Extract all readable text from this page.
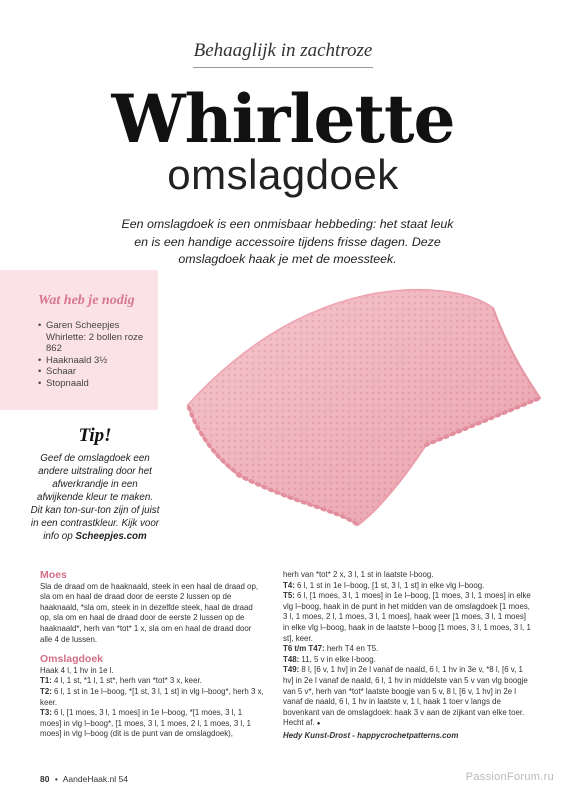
Behaaglijk in zachtroze
Whirlette
omslagdoek
Een omslagdoek is een onmisbaar hebbeding: het staat leuk en is een handige accessoire tijdens frisse dagen. Deze omslagdoek haak je met de moessteek.
Wat heb je nodig
• Garen Scheepjes Whirlette: 2 bollen roze 862
• Haaknaald 3½
• Schaar
• Stopnaald
Tip!
Geef de omslagdoek een andere uitstraling door het afwerkrandje in een afwijkende kleur te maken. Dit kan ton-sur-ton zijn of juist in een contrastkleur. Kijk voor info op Scheepjes.com
Moes

Sla de draad om de haaknaald, steek in een haal de draad op, sla om en haal de draad door de eerste 2 lussen op de haaknaald, *sla om, steek in in dezelfde steek, haal de draad op, sla om en haal de draad door de eerste 2 lussen op de haaknaald*, herh van *tot* 1 x, sla om en haal de draad door alle 4 de lussen.

Omslagdoek

Haak 4 l, 1 hv in 1e l.

T1: 4 l, 1 st, *1 l, 1 st*, herh van *tot* 3 x, keer.

T2: 6 l, 1 st in 1e l–boog, *[1 st, 3 l, 1 st] in vlg l–boog*, herh 3 x, keer.

T3: 6 l, [1 moes, 3 l, 1 moes] in 1e l–boog, *[1 moes, 3 l, 1 moes] in vlg l–boog*, [1 moes, 3 l, 1 moes, 2 l, 1 moes, 3 l, 1 moes] in vlg l–boog (dit is de punt van de omslagdoek),

herh van *tot* 2 x, 3 l, 1 st in laatste l-boog.

T4: 6 l, 1 st in 1e l–boog, [1 st, 3 l, 1 st] in elke vlg l–boog.

T5: 6 l, [1 moes, 3 l, 1 moes] in 1e l–boog, [1 moes, 3 l, 1 moes] in elke vlg l–boog, haak in de punt in het midden van de omslagdoek [1 moes, 3 l, 1 moes, 2 l, 1 moes, 3 l, 1 moes], haak weer [1 moes, 3 l, 1 moes] in elke vlg l–boog, haak in de laatste l–boog [1 moes, 3 l, 1 moes, 3 l, 1 st], keer.

T6 t/m T47: herh T4 en T5.

T48: 11, 5 v in elke l-boog.

T49: 8 l, [6 v, 1 hv] in 2e l vanaf de naald, 6 l, 1 hv in 3e v, *8 l, [6 v, 1 hv] in 2e l vanaf de naald, 6 l, 1 hv in middelste van 5 v van vlg boogje van 5 v*, herh van *tot* laatste boogje van 5 v, 8 l, [6 v, 1 hv] in 2e l vanaf de naald, 6 l, 1 hv in laatste v, 1 l, haak 1 toer v langs de bovenkant van de omslagdoek: haak 3 v aan de zijkant van elke toer. Hecht af. ●

Hedy Kunst-Drost - happycrochetpatterns.com

80 • AandeHaak.nl 54	PassionForum.ru
